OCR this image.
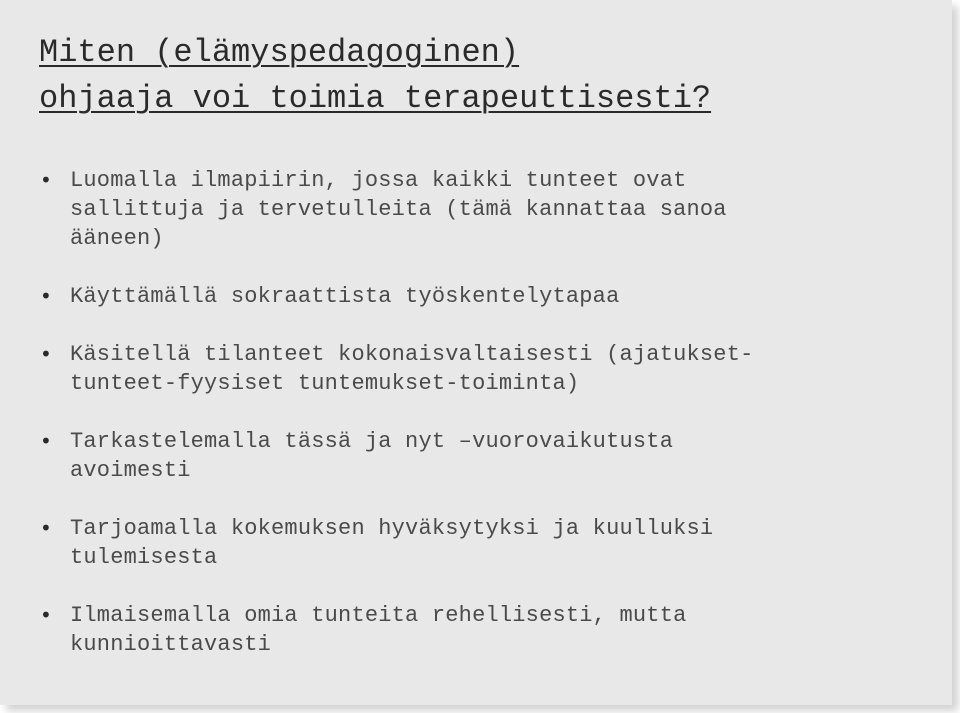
Miten (elämyspedagoginen)
ohjaaja voi toimia terapeuttisesti?
• Luomalla ilmapiirin, jossa kaikki tunteet ovat
sallittuja ja tervetulleita (tämä kannattaa sanoa
ääneen)
• Käyttämällä sokraattista työskentelytapaa
• Käsitellä tilanteet kokonaisvaltaisesti (ajatukset-
tunteet-fyysiset tuntemukset-toiminta)
• Tarkastelemalla tässä ja nyt –vuorovaikutusta
avoimesti
• Tarjoamalla kokemuksen hyväksytyksi ja kuulluksi
tulemisesta
• Ilmaisemalla omia tunteita rehellisesti, mutta
kunnioittavasti
